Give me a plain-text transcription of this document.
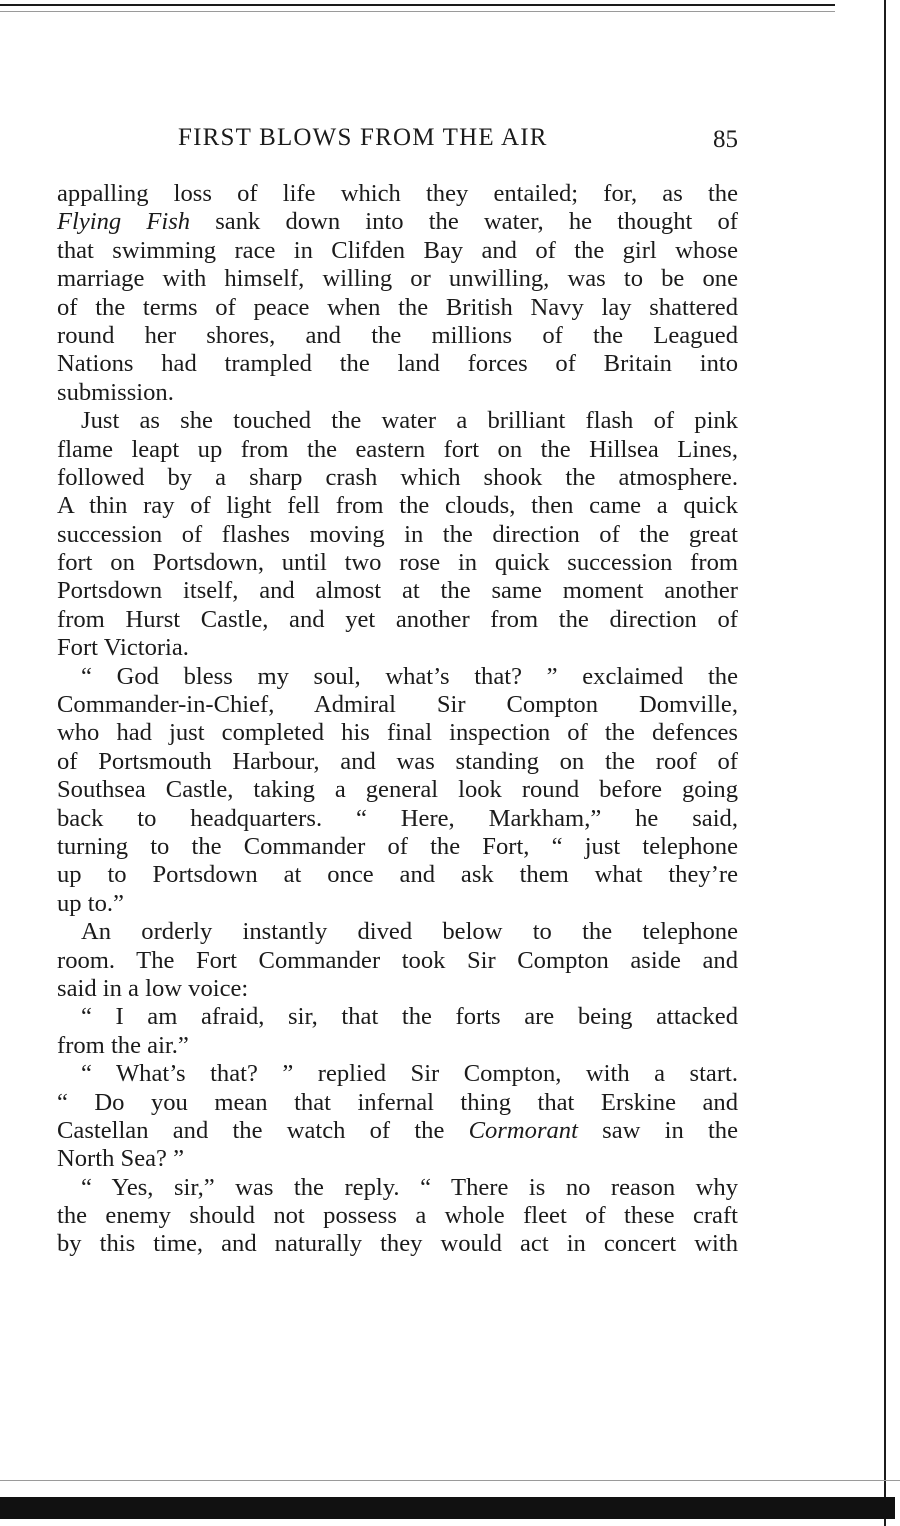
FIRST BLOWS FROM THE AIR	85
appalling loss of life which they entailed; for, as the
Flying Fish sank down into the water, he thought of
that swimming race in Clifden Bay and of the girl whose
marriage with himself, willing or unwilling, was to be one
of the terms of peace when the British Navy lay shattered
round her shores, and the millions of the Leagued
Nations had trampled the land forces of Britain into
submission.
Just as she touched the water a brilliant flash of pink
flame leapt up from the eastern fort on the Hillsea Lines,
followed by a sharp crash which shook the atmosphere.
A thin ray of light fell from the clouds, then came a quick
succession of flashes moving in the direction of the great
fort on Portsdown, until two rose in quick succession from
Portsdown itself, and almost at the same moment another
from Hurst Castle, and yet another from the direction of
Fort Victoria.
“ God bless my soul, what’s that? ” exclaimed the
Commander-in-Chief, Admiral Sir Compton Domville,
who had just completed his final inspection of the defences
of Portsmouth Harbour, and was standing on the roof of
Southsea Castle, taking a general look round before going
back to headquarters. “ Here, Markham,” he said,
turning to the Commander of the Fort, “ just telephone
up to Portsdown at once and ask them what they’re
up to.”
An orderly instantly dived below to the telephone
room. The Fort Commander took Sir Compton aside and
said in a low voice:
“ I am afraid, sir, that the forts are being attacked
from the air.”
“ What’s that? ” replied Sir Compton, with a start.
“ Do you mean that infernal thing that Erskine and
Castellan and the watch of the Cormorant saw in the
North Sea? ”
“ Yes, sir,” was the reply. “ There is no reason why
the enemy should not possess a whole fleet of these craft
by this time, and naturally they would act in concert with
